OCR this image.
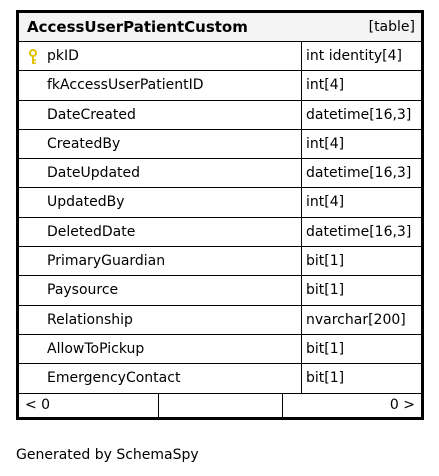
AccessUserPatientCustom	[table]
pkID	int identity[4]
fkAccessUserPatientID	int[4]
DateCreated	datetime[16,3]
CreatedBy	int[4]
DateUpdated	datetime[16,3]
UpdatedBy	int[4]
DeletedDate	datetime[16,3]
PrimaryGuardian	bit[1]
Paysource	bit[1]
Relationship	nvarchar[200]
AllowToPickup	bit[1]
EmergencyContact	bit[1]
< 0	0 >
Generated by SchemaSpy
